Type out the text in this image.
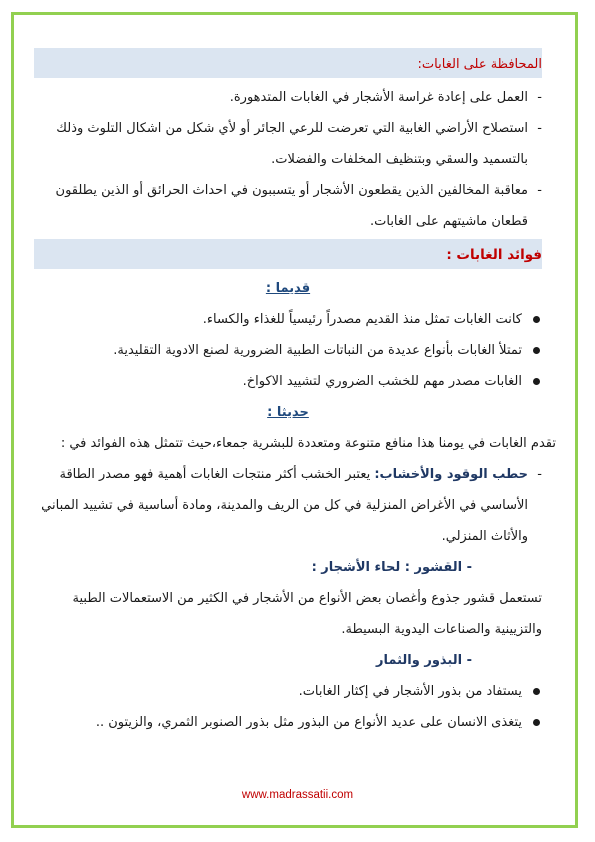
المحافظة على الغابات:

-
العمل على إعادة غراسة الأشجار في الغابات المتدهورة.

-
استصلاح الأراضي الغابية التي تعرضت للرعي الجائر أو لأي شكل من اشكال التلوث وذلك بالتسميد والسقي وبتنظيف المخلفات والفضلات.

-
معاقبة المخالفين الذين يقطعون الأشجار أو يتسببون في احداث الحرائق أو الذين يطلقون قطعان ماشيتهم على الغابات.

فوائد الغابات :

قديما :

كانت الغابات تمثل منذ القديم مصدراً رئيسياً للغذاء والكساء.

تمتلأ الغابات بأنواع عديدة من النباتات الطبية الضرورية لصنع الادوية التقليدية.

الغابات مصدر مهم للخشب الضروري لتشييد الاكواخ.

حديثا :

تقدم الغابات في يومنا هذا منافع متنوعة ومتعددة للبشرية جمعاء،حيث تتمثل هذه الفوائد في :

-
حطب الوقود والأخشاب: يعتبر الخشب أكثر منتجات الغابات أهمية فهو مصدر الطاقة الأساسي في الأغراض المنزلية في كل من الريف والمدينة، ومادة أساسية في تشييد المباني والأثاث المنزلي.

- القشور : لحاء الأشجار :

تستعمل قشور جذوع وأغصان بعض الأنواع من الأشجار في الكثير من الاستعمالات الطبية والتزيينية والصناعات اليدوية البسيطة.

- البذور والثمار

يستفاد من بذور الأشجار في إكثار الغابات.

يتغذى الانسان على عديد الأنواع من البذور مثل بذور الصنوبر الثمري، والزيتون ..

www.madrassatii.com
